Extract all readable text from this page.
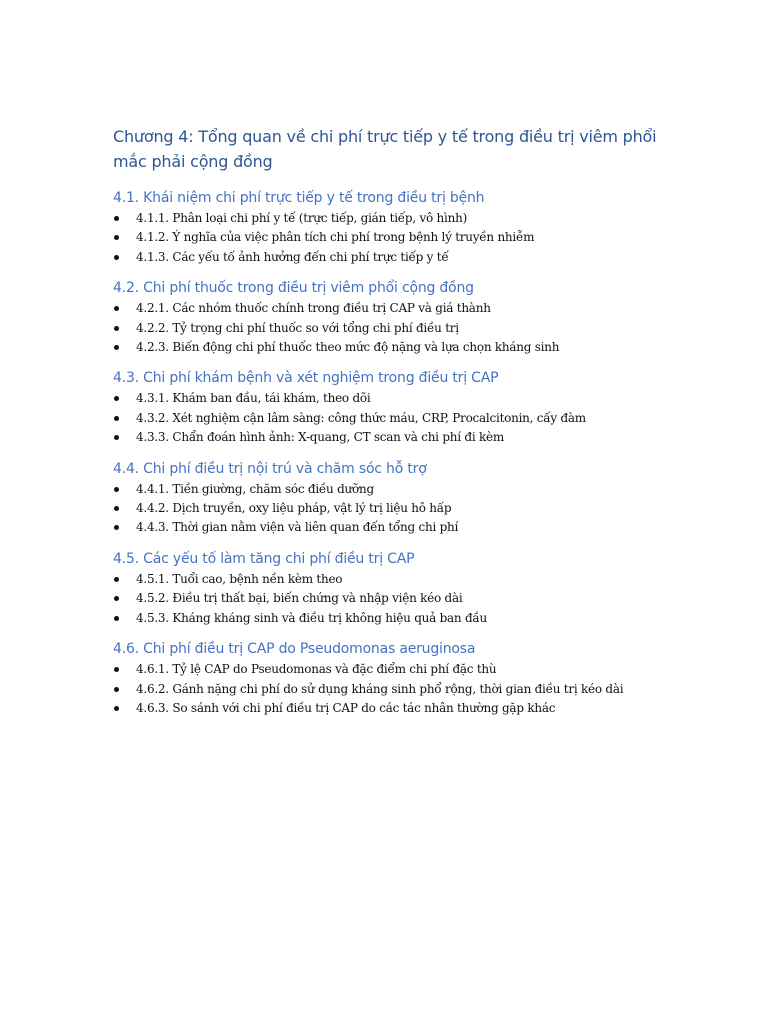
Chương 4: Tổng quan về chi phí trực tiếp y tế trong điều trị viêm phổi mắc phải cộng đồng
4.1. Khái niệm chi phí trực tiếp y tế trong điều trị bệnh
4.1.1. Phân loại chi phí y tế (trực tiếp, gián tiếp, vô hình)
4.1.2. Ý nghĩa của việc phân tích chi phí trong bệnh lý truyền nhiễm
4.1.3. Các yếu tố ảnh hưởng đến chi phí trực tiếp y tế
4.2. Chi phí thuốc trong điều trị viêm phổi cộng đồng
4.2.1. Các nhóm thuốc chính trong điều trị CAP và giá thành
4.2.2. Tỷ trọng chi phí thuốc so với tổng chi phí điều trị
4.2.3. Biến động chi phí thuốc theo mức độ nặng và lựa chọn kháng sinh
4.3. Chi phí khám bệnh và xét nghiệm trong điều trị CAP
4.3.1. Khám ban đầu, tái khám, theo dõi
4.3.2. Xét nghiệm cận lâm sàng: công thức máu, CRP, Procalcitonin, cấy đàm
4.3.3. Chẩn đoán hình ảnh: X-quang, CT scan và chi phí đi kèm
4.4. Chi phí điều trị nội trú và chăm sóc hỗ trợ
4.4.1. Tiền giường, chăm sóc điều dưỡng
4.4.2. Dịch truyền, oxy liệu pháp, vật lý trị liệu hô hấp
4.4.3. Thời gian nằm viện và liên quan đến tổng chi phí
4.5. Các yếu tố làm tăng chi phí điều trị CAP
4.5.1. Tuổi cao, bệnh nền kèm theo
4.5.2. Điều trị thất bại, biến chứng và nhập viện kéo dài
4.5.3. Kháng kháng sinh và điều trị không hiệu quả ban đầu
4.6. Chi phí điều trị CAP do Pseudomonas aeruginosa
4.6.1. Tỷ lệ CAP do Pseudomonas và đặc điểm chi phí đặc thù
4.6.2. Gánh nặng chi phí do sử dụng kháng sinh phổ rộng, thời gian điều trị kéo dài
4.6.3. So sánh với chi phí điều trị CAP do các tác nhân thường gặp khác
